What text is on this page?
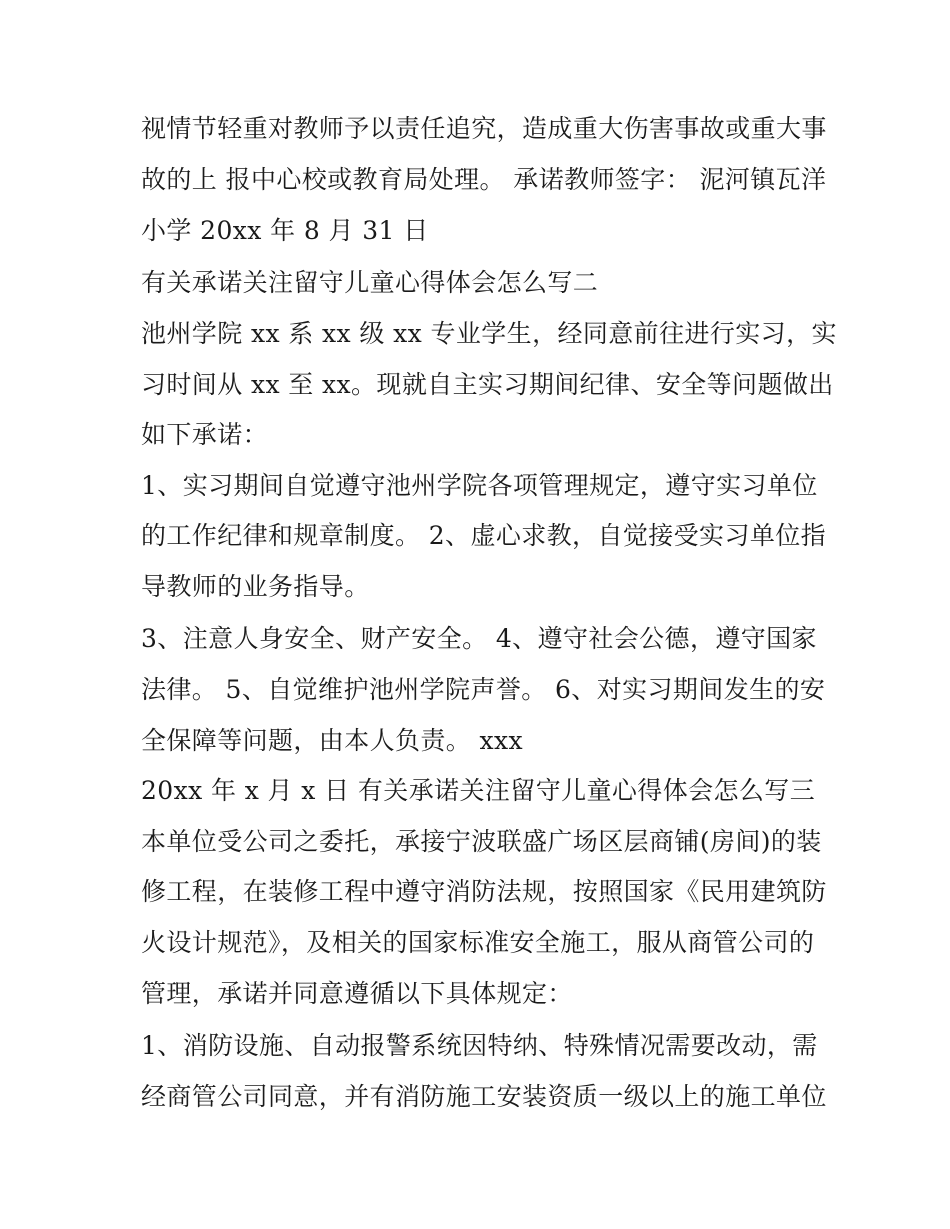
视情节轻重对教师予以责任追究，造成重大伤害事故或重大事
故的上 报中心校或教育局处理。 承诺教师签字： 泥河镇瓦洋
小学 20xx 年 8 月 31 日
有关承诺关注留守儿童心得体会怎么写二
池州学院 xx 系 xx 级 xx 专业学生，经同意前往进行实习，实
习时间从 xx 至 xx。现就自主实习期间纪律、安全等问题做出
如下承诺：
1、实习期间自觉遵守池州学院各项管理规定，遵守实习单位
的工作纪律和规章制度。 2、虚心求教，自觉接受实习单位指
导教师的业务指导。
3、注意人身安全、财产安全。 4、遵守社会公德，遵守国家
法律。 5、自觉维护池州学院声誉。 6、对实习期间发生的安
全保障等问题，由本人负责。 xxx
20xx 年 x 月 x 日 有关承诺关注留守儿童心得体会怎么写三
本单位受公司之委托，承接宁波联盛广场区层商铺(房间)的装
修工程，在装修工程中遵守消防法规，按照国家《民用建筑防
火设计规范》，及相关的国家标准安全施工，服从商管公司的
管理，承诺并同意遵循以下具体规定：
1、消防设施、自动报警系统因特纳、特殊情况需要改动，需
经商管公司同意，并有消防施工安装资质一级以上的施工单位
